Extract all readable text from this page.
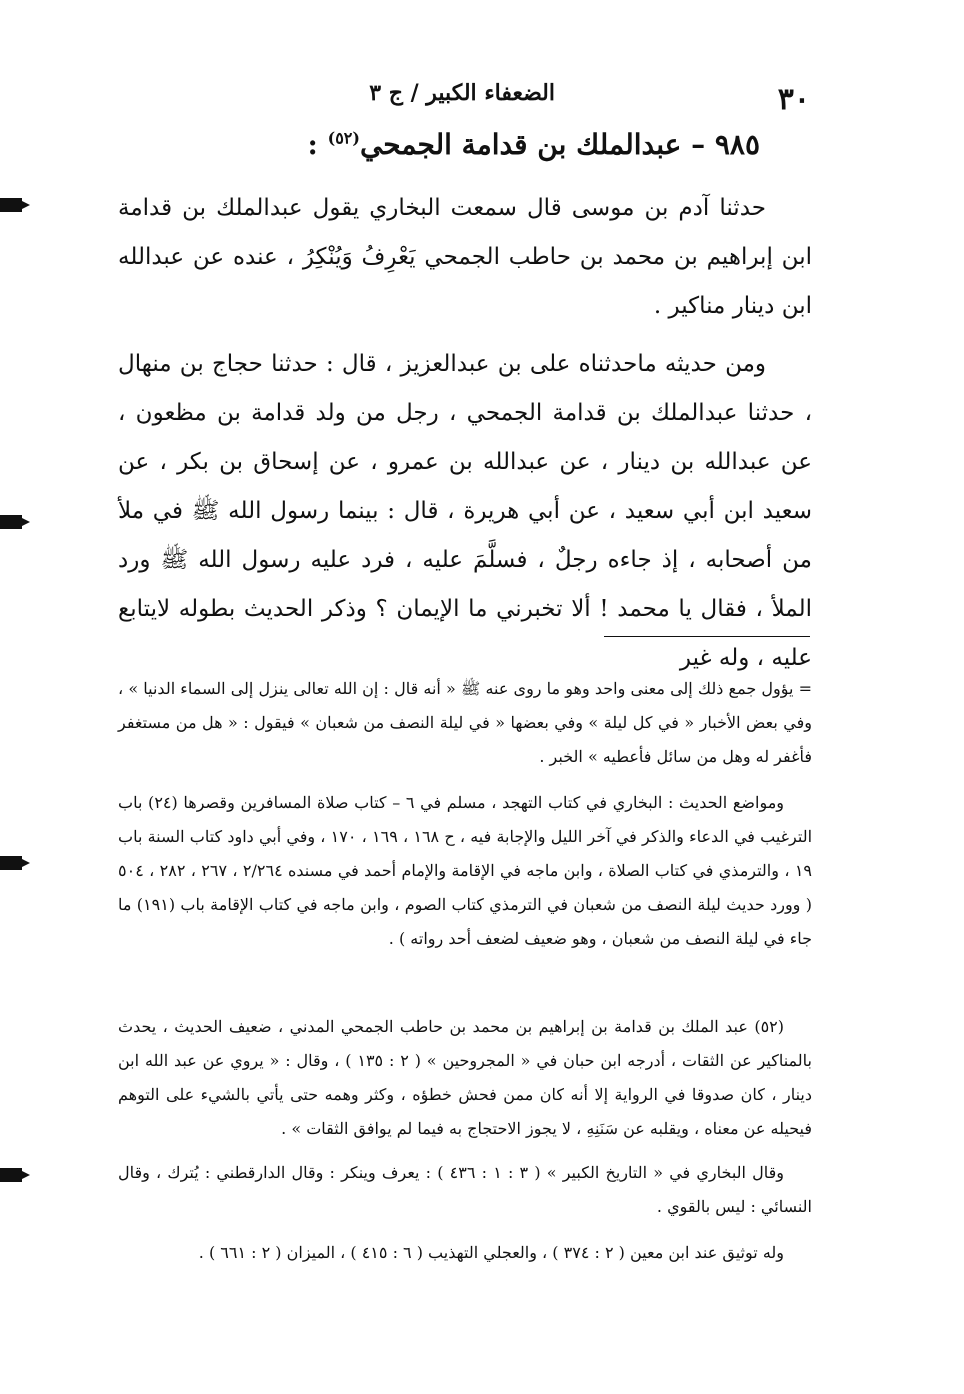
٣٠
الضعفاء الكبير / ج ٣
٩٨٥ – عبدالملك بن قدامة الجمحي$^{(٥٢)}$ :

حدثنا آدم بن موسى قال سمعت البخاري يقول عبدالملك بن قدامة ابن إبراهيم بن محمد بن حاطب الجمحي يَعْرِفُ وَيُنْكِرُ ، عنده عن عبدالله ابن دينار مناكير .

ومن حديثه ماحدثناه على بن عبدالعزيز ، قال : حدثنا حجاج بن منهال ، حدثنا عبدالملك بن قدامة الجمحي ، رجل من ولد قدامة بن مظعون ، عن عبدالله بن دينار ، عن عبدالله بن عمرو ، عن إسحاق بن بكر ، عن سعيد ابن أبي سعيد ، عن أبي هريرة ، قال : بينما رسول الله ﷺ في ملأ من أصحابه ، إذ جاءه رجلٌ ، فسلَّمَ عليه ، فرد عليه رسول الله ﷺ ورد الملأ ، فقال يا محمد ! ألا تخبرني ما الإيمان ؟ وذكر الحديث بطوله لايتابع عليه ، وله غير

= يؤول جمع ذلك إلى معنى واحد وهو ما روى عنه ﷺ « أنه قال : إن الله تعالى ينزل إلى السماء الدنيا » ، وفي بعض الأخبار « في كل ليلة » وفي بعضها « في ليلة النصف من شعبان » فيقول : « هل من مستغفر فأغفر له وهل من سائل فأعطيه » الخبر .

ومواضع الحديث : البخاري في كتاب التهجد ، مسلم في ٦ – كتاب صلاة المسافرين وقصرها (٢٤) باب الترغيب في الدعاء والذكر في آخر الليل والإجابة فيه ، ح ١٦٨ ، ١٦٩ ، ١٧٠ ، وفي أبي داود كتاب السنة باب ١٩ ، والترمذي في كتاب الصلاة ، وابن ماجه في الإقامة والإمام أحمد في مسنده ٢/٢٦٤ ، ٢٦٧ ، ٢٨٢ ، ٥٠٤ ( وورد حديث ليلة النصف من شعبان في الترمذي كتاب الصوم ، وابن ماجه في كتاب الإقامة باب (١٩١) ما جاء في ليلة النصف من شعبان ، وهو ضعيف لضعف أحد رواته ) .

(٥٢) عبد الملك بن قدامة بن إبراهيم بن محمد بن حاطب الجمحي المدني ، ضعيف الحديث ، يحدث بالمناكير عن الثقات ، أدرجه ابن حبان في « المجروحين » ( ٢ : ١٣٥ ) ، وقال : « يروي عن عبد الله ابن دينار ، كان صدوقا في الرواية إلا أنه كان ممن فحش خطؤه ، وكثر وهمه حتى يأتي بالشيء على التوهم فيحيله عن معناه ، ويقلبه عن سَنَنِهِ ، لا يجوز الاحتجاج به فيما لم يوافق الثقات » .

وقال البخاري في « التاريخ الكبير » ( ٣ : ١ : ٤٣٦ ) : يعرف وينكر : وقال الدارقطني : يُترك ، وقال النسائي : ليس بالقوي .

وله توثيق عند ابن معين ( ٢ : ٣٧٤ ) ، والعجلي التهذيب ( ٦ : ٤١٥ ) ، الميزان ( ٢ : ٦٦١ ) .
